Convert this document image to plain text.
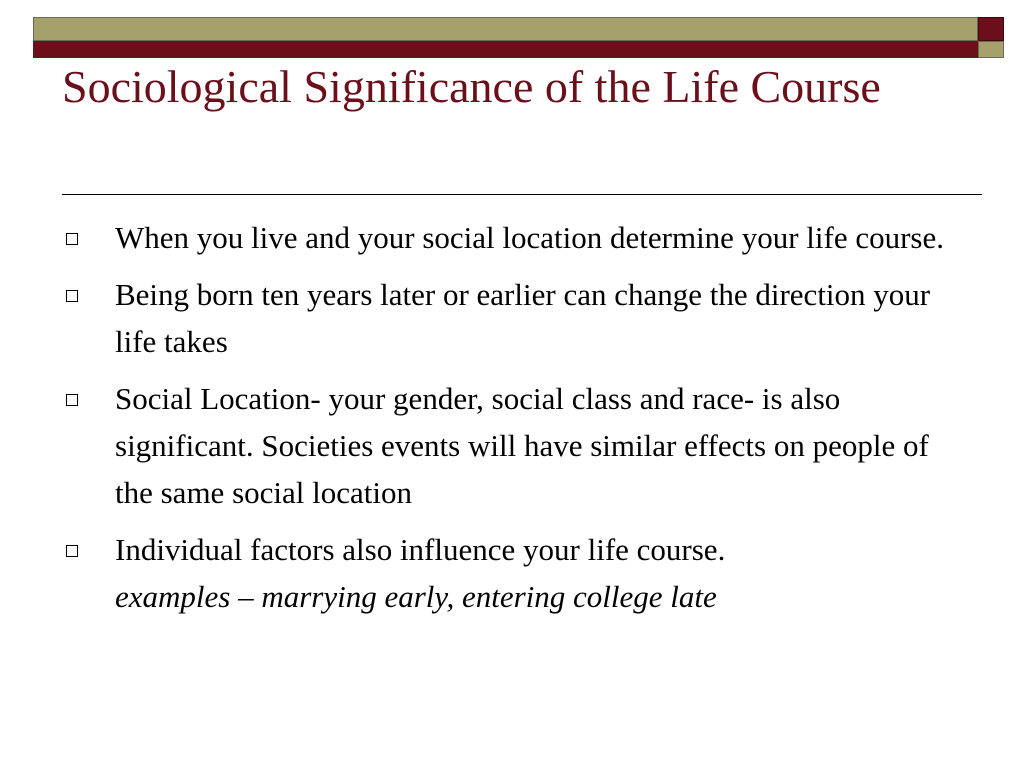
Sociological Significance of the Life Course
When you live and your social location determine your life course.
Being born ten years later or earlier can change the direction your life takes
Social Location- your gender, social class and race- is also significant. Societies events will have similar effects on people of the same social location
Individual factors also influence your life course.
examples – marrying early, entering college late
